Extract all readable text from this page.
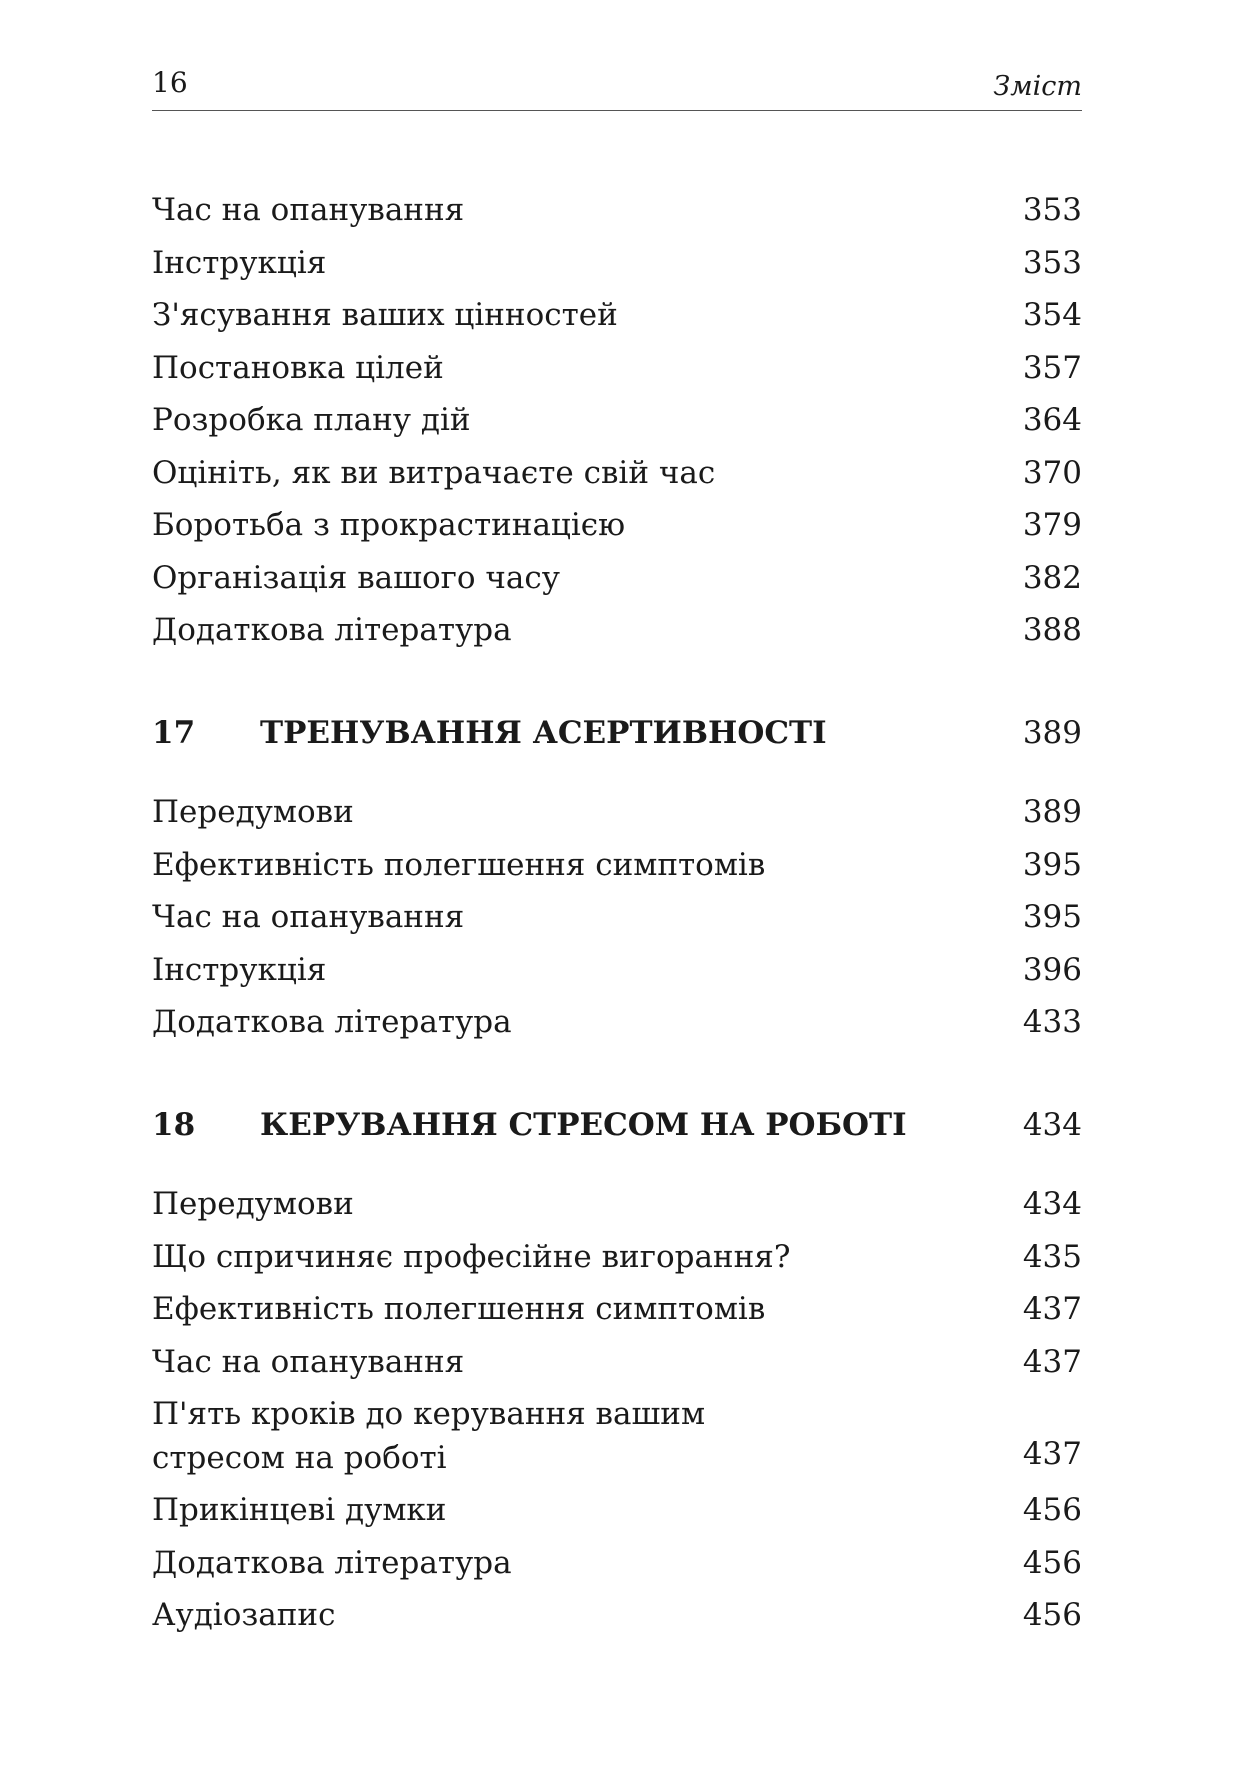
16	Зміст
Час на опанування	353
Інструкція	353
З'ясування ваших цінностей	354
Постановка цілей	357
Розробка плану дій	364
Оцініть, як ви витрачаєте свій час	370
Боротьба з прокрастинацією	379
Організація вашого часу	382
Додаткова література	388
17	ТРЕНУВАННЯ АСЕРТИВНОСТІ	389
Передумови	389
Ефективність полегшення симптомів	395
Час на опанування	395
Інструкція	396
Додаткова література	433
18	КЕРУВАННЯ СТРЕСОМ НА РОБОТІ	434
Передумови	434
Що спричиняє професійне вигорання?	435
Ефективність полегшення симптомів	437
Час на опанування	437
П'ять кроків до керування вашим
стресом на роботі	437
Прикінцеві думки	456
Додаткова література	456
Аудіозапис	456
